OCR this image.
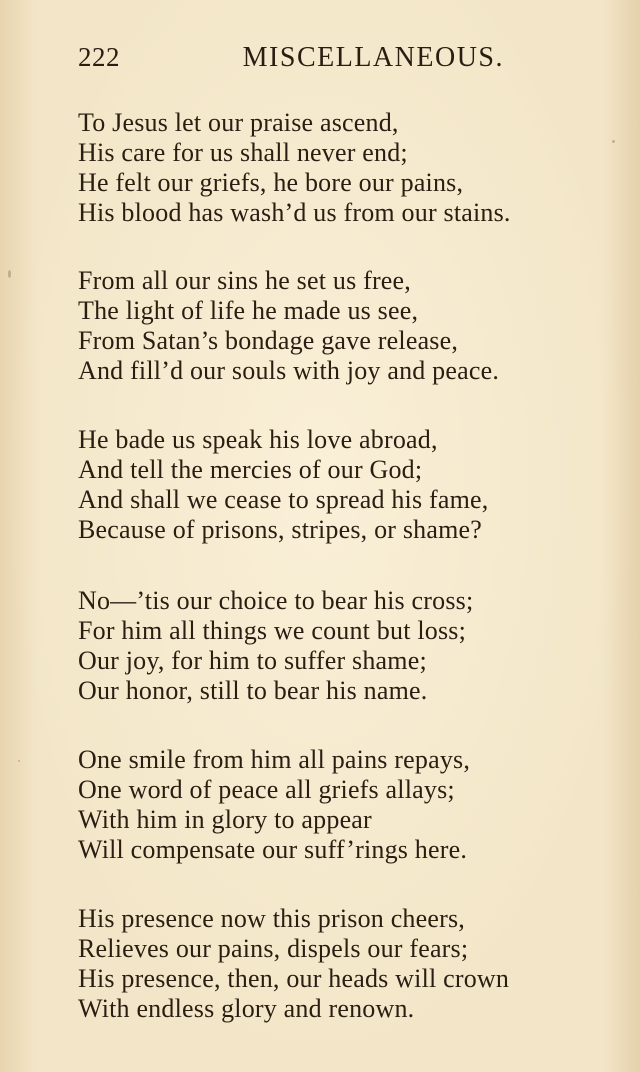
222	MISCELLANEOUS.
To Jesus let our praise ascend,
His care for us shall never end;
He felt our griefs, he bore our pains,
His blood has wash’d us from our stains.
From all our sins he set us free,
The light of life he made us see,
From Satan’s bondage gave release,
And fill’d our souls with joy and peace.
He bade us speak his love abroad,
And tell the mercies of our God;
And shall we cease to spread his fame,
Because of prisons, stripes, or shame?
No—’tis our choice to bear his cross;
For him all things we count but loss;
Our joy, for him to suffer shame;
Our honor, still to bear his name.
One smile from him all pains repays,
One word of peace all griefs allays;
With him in glory to appear
Will compensate our suff’rings here.
His presence now this prison cheers,
Relieves our pains, dispels our fears;
His presence, then, our heads will crown
With endless glory and renown.
